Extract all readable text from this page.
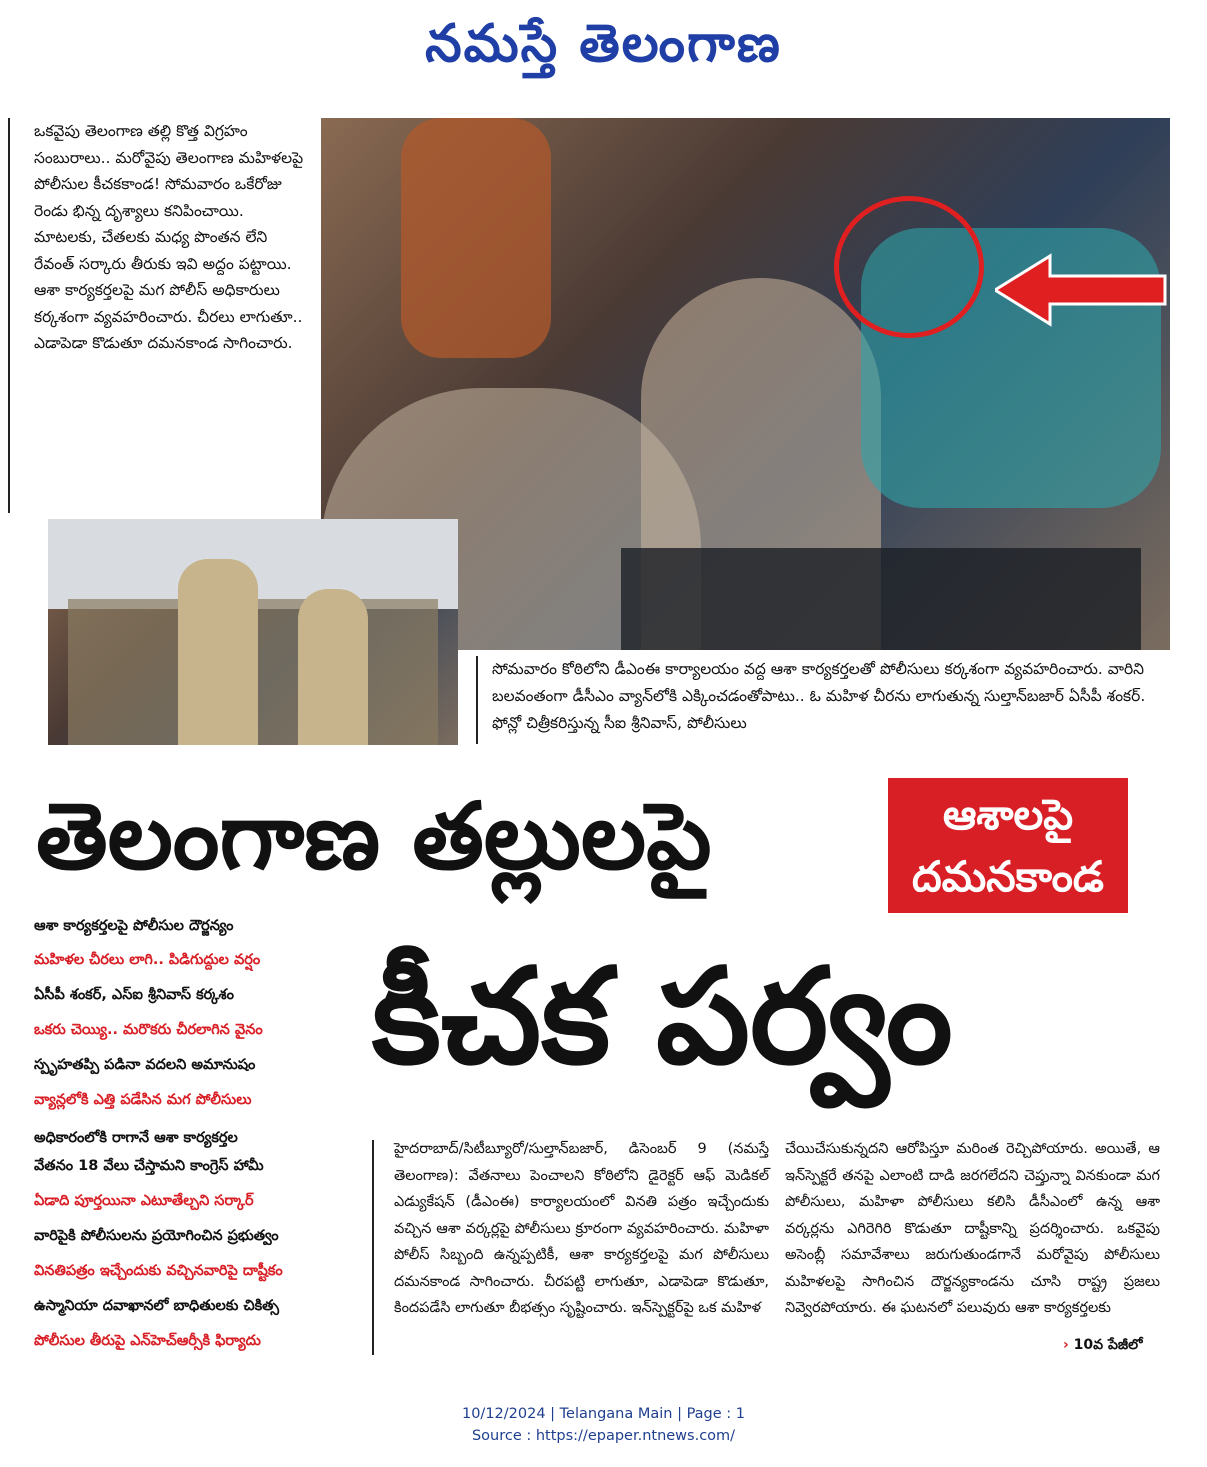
నమస్తే తెలంగాణ

ఒకవైపు తెలంగాణ తల్లి కొత్త విగ్రహం సంబురాలు.. మరోవైపు తెలంగాణ మహిళలపై పోలీసుల కీచకకాండ! సోమవారం ఒకేరోజు రెండు భిన్న దృశ్యాలు కనిపించాయి. మాటలకు, చేతలకు మధ్య పొంతన లేని రేవంత్ సర్కారు తీరుకు ఇవి అద్దం పట్టాయి. ఆశా కార్యకర్తలపై మగ పోలీస్ అధికారులు కర్కశంగా వ్యవహరించారు. చీరలు లాగుతూ.. ఎడాపెడా కొడుతూ దమనకాండ సాగించారు.

సోమవారం కోఠిలోని డీఎంఈ కార్యాలయం వద్ద ఆశా కార్యకర్తలతో పోలీసులు కర్కశంగా వ్యవహరించారు. వారిని బలవంతంగా డీసీఎం వ్యాన్‌లోకి ఎక్కించడంతోపాటు.. ఓ మహిళ చీరను లాగుతున్న సుల్తాన్‌బజార్ ఏసీపీ శంకర్. ఫోన్లో చిత్రీకరిస్తున్న సీఐ శ్రీనివాస్, పోలీసులు
తెలంగాణ తల్లులపై	ఆశాలపై
దమనకాండ
కీచక పర్వం
ఆశా కార్యకర్తలపై పోలీసుల దౌర్జన్యం
మహిళల చీరలు లాగి.. పిడిగుద్దుల వర్షం
ఏసీపీ శంకర్, ఎస్ఐ శ్రీనివాస్ కర్కశం
ఒకరు చెయ్యి.. మరొకరు చీరలాగిన వైనం
స్పృహతప్పి పడినా వదలని అమానుషం
వ్యాన్లలోకి ఎత్తి పడేసిన మగ పోలీసులు
అధికారంలోకి రాగానే ఆశా కార్యకర్తల
వేతనం 18 వేలు చేస్తామని కాంగ్రెస్ హామీ
ఏడాది పూర్తయినా ఎటూతేల్చని సర్కార్
వారిపైకి పోలీసులను ప్రయోగించిన ప్రభుత్వం
వినతిపత్రం ఇచ్చేందుకు వచ్చినవారిపై దాష్టీకం
ఉస్మానియా దవాఖానలో బాధితులకు చికిత్స
పోలీసుల తీరుపై ఎన్‌హెచ్ఆర్సీకి ఫిర్యాదు
హైదరాబాద్/సిటీబ్యూరో/సుల్తాన్‌బజార్, డిసెంబర్ 9 (నమస్తే తెలంగాణ): వేతనాలు పెంచాలని కోఠిలోని డైరెక్టర్ ఆఫ్ మెడికల్ ఎడ్యుకేషన్ (డీఎంఈ) కార్యాలయంలో వినతి పత్రం ఇచ్చేందుకు వచ్చిన ఆశా వర్కర్లపై పోలీసులు క్రూరంగా వ్యవహరించారు. మహిళా పోలీస్ సిబ్బంది ఉన్నప్పటికీ, ఆశా కార్యకర్తలపై మగ పోలీసులు దమనకాండ సాగించారు. చీరపట్టి లాగుతూ, ఎడాపెడా కొడుతూ, కిందపడేసి లాగుతూ బీభత్సం సృష్టించారు. ఇన్‌స్పెక్టర్‌పై ఒక మహిళ
చేయిచేసుకున్నదని ఆరోపిస్తూ మరింత రెచ్చిపోయారు. అయితే, ఆ ఇన్‌స్పెక్టరే తనపై ఎలాంటి దాడి జరగలేదని చెప్తున్నా వినకుండా మగ పోలీసులు, మహిళా పోలీసులు కలిసి డీసీఎంలో ఉన్న ఆశా వర్కర్లను ఎగిరెగిరి కొడుతూ దాష్టీకాన్ని ప్రదర్శించారు. ఒకవైపు అసెంబ్లీ సమావేశాలు జరుగుతుండగానే మరోవైపు పోలీసులు మహిళలపై సాగించిన దౌర్జన్యకాండను చూసి రాష్ట్ర ప్రజలు నివ్వెరపోయారు. ఈ ఘటనలో పలువురు ఆశా కార్యకర్తలకు
› 10వ పేజీలో
10/12/2024 | Telangana Main | Page : 1
Source : https://epaper.ntnews.com/
